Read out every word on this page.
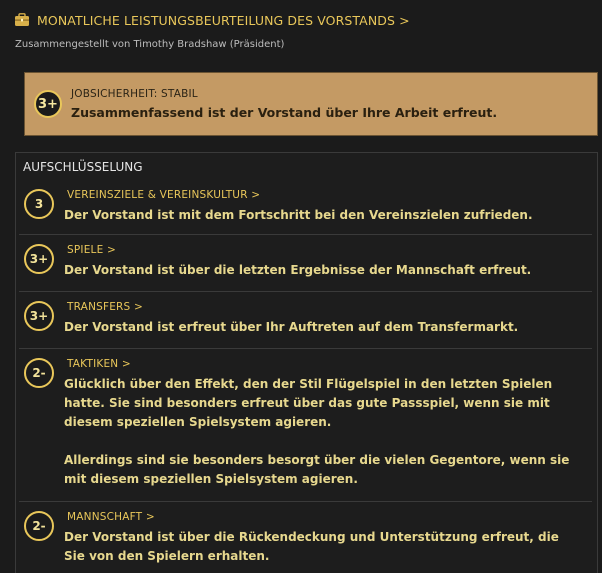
MONATLICHE LEISTUNGSBEURTEILUNG DES VORSTANDS >
Zusammengestellt von Timothy Bradshaw (Präsident)
3+
JOBSICHERHEIT: STABIL
Zusammenfassend ist der Vorstand über Ihre Arbeit erfreut.
AUFSCHLÜSSELUNG
3
VEREINSZIELE & VEREINSKULTUR >

Der Vorstand ist mit dem Fortschritt bei den Vereinszielen zufrieden.

3+
SPIELE >

Der Vorstand ist über die letzten Ergebnisse der Mannschaft erfreut.

3+
TRANSFERS >

Der Vorstand ist erfreut über Ihr Auftreten auf dem Transfermarkt.

2-
TAKTIKEN >

Glücklich über den Effekt, den der Stil Flügelspiel in den letzten Spielen hatte. Sie sind besonders erfreut über das gute Passspiel, wenn sie mit diesem speziellen Spielsystem agieren.

Allerdings sind sie besonders besorgt über die vielen Gegentore, wenn sie mit diesem speziellen Spielsystem agieren.

2-
MANNSCHAFT >

Der Vorstand ist über die Rückendeckung und Unterstützung erfreut, die Sie von den Spielern erhalten.
